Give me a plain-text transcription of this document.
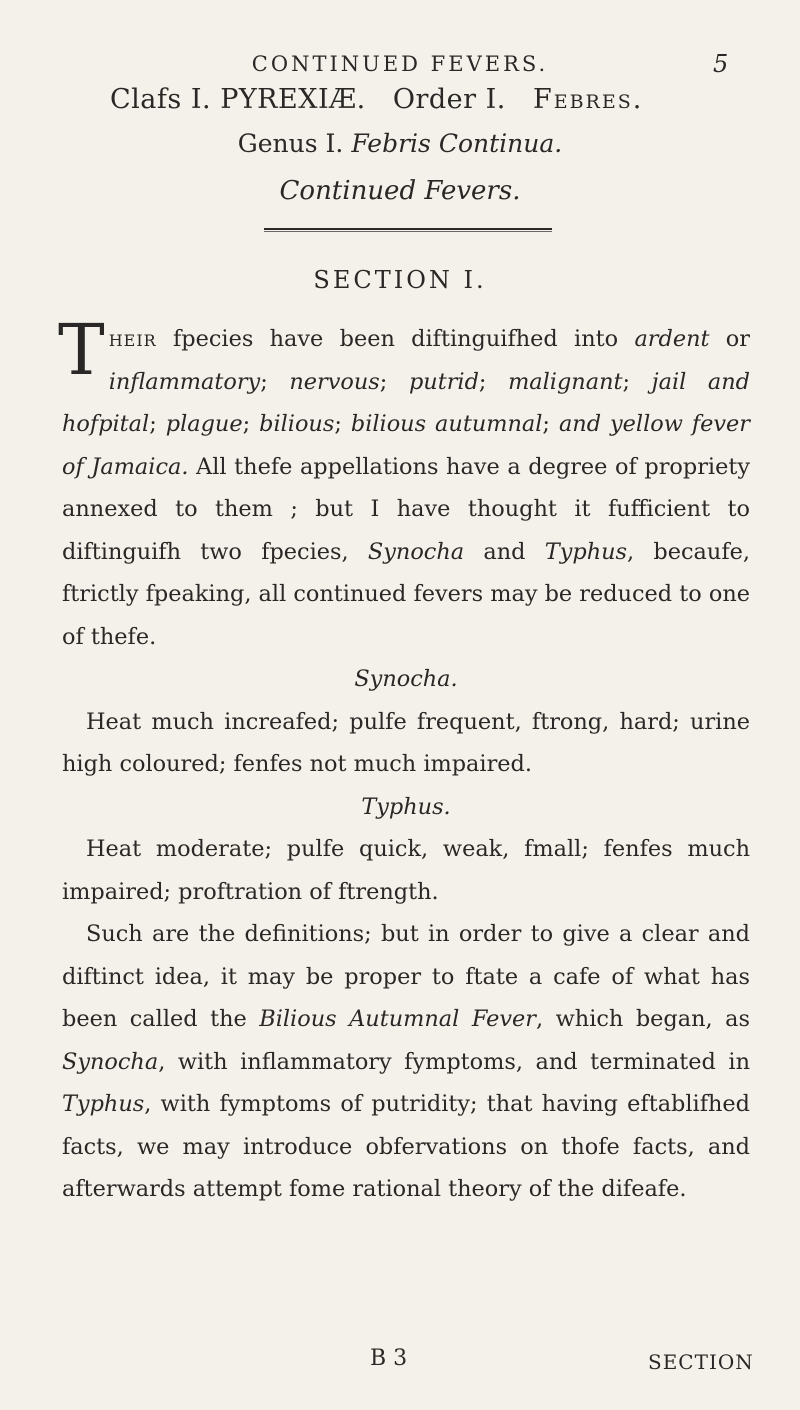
CONTINUED FEVERS.	5
Clafs I. PYREXIÆ. Order I. Febres.
Genus I. Febris Continua.
Continued Fevers.
SECTION I.

Their fpecies have been diftinguifhed into ardent or inflammatory; nervous; putrid; malignant; jail and hofpital; plague; bilious; bilious autumnal; and yellow fever of Jamaica. All thefe appellations have a degree of propriety annexed to them ; but I have thought it fufficient to diftinguifh two fpecies, Synocha and Typhus, becaufe, ftrictly fpeaking, all continued fevers may be reduced to one of thefe.

Synocha.

Heat much increafed; pulfe frequent, ftrong, hard; urine high coloured; fenfes not much impaired.

Typhus.

Heat moderate; pulfe quick, weak, fmall; fenfes much impaired; proftration of ftrength.

Such are the definitions; but in order to give a clear and diftinct idea, it may be proper to ftate a cafe of what has been called the Bilious Autumnal Fever, which began, as Synocha, with inflammatory fymptoms, and terminated in Typhus, with fymptoms of putridity; that having eftablifhed facts, we may introduce obfervations on thofe facts, and afterwards attempt fome rational theory of the difeafe.

B 3	SECTION
